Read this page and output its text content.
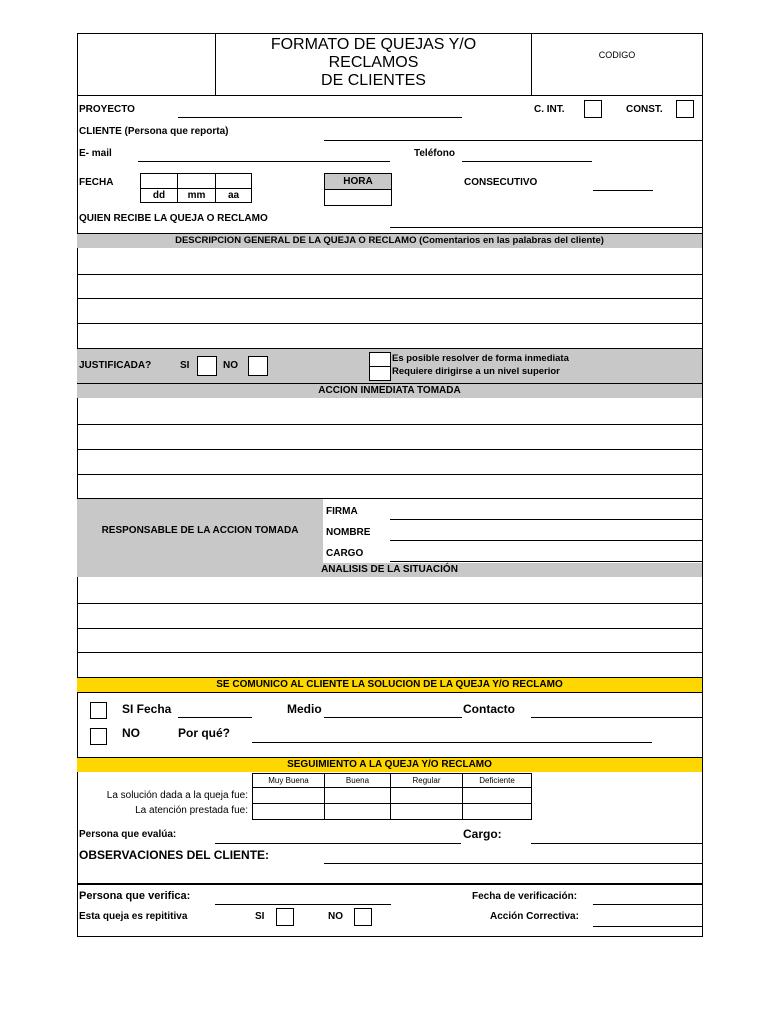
FORMATO DE QUEJAS Y/O
RECLAMOS
DE CLIENTES
CODIGO
PROYECTO	C. INT.	CONST.
CLIENTE (Persona que reporta)
E- mail	Teléfono
FECHA
dd	mm	aa
HORA	CONSECUTIVO
QUIEN RECIBE LA QUEJA O RECLAMO
DESCRIPCION GENERAL DE LA QUEJA O RECLAMO (Comentarios en las palabras del cliente)
JUSTIFICADA?	SI	NO
Es posible resolver de forma inmediata
Requiere dirigirse a un nivel superior
ACCION INMEDIATA TOMADA
RESPONSABLE DE LA ACCION TOMADA
FIRMA
NOMBRE
CARGO
ANALISIS DE LA SITUACIÓN
SE COMUNICO AL CLIENTE LA SOLUCION DE LA QUEJA Y/O RECLAMO
SI Fecha	Medio	Contacto
NO	Por qué?
SEGUIMIENTO A LA QUEJA Y/O RECLAMO
Muy Buena	Buena	Regular	Deficiente
La solución dada a la queja fue:
La atención prestada fue:
Persona que evalúa:	Cargo:
OBSERVACIONES DEL CLIENTE:
Persona que verifica:	Fecha de verificación:
Esta queja es repititiva	SI	NO	Acción Correctiva:
